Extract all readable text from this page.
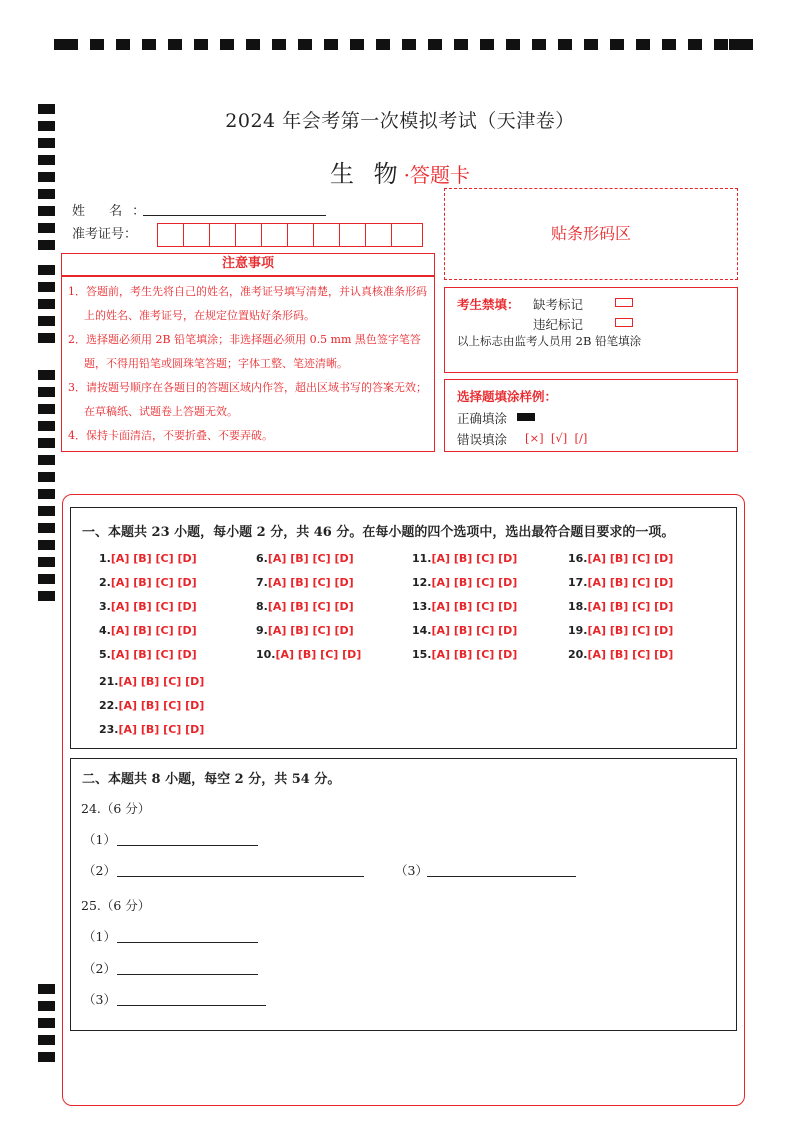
2024 年会考第一次模拟考试（天津卷）
生 物·答题卡
姓 名：
准考证号：	贴条形码区
注意事项

1．答题前，考生先将自己的姓名，准考证号填写清楚，并认真核准条形码上的姓名、准考证号，在规定位置贴好条形码。

2．选择题必须用 2B 铅笔填涂；非选择题必须用 0.5 mm 黑色签字笔答题，不得用铅笔或圆珠笔答题；字体工整、笔迹清晰。

3．请按题号顺序在各题目的答题区域内作答，超出区域书写的答案无效；在草稿纸、试题卷上答题无效。

4．保持卡面清洁，不要折叠、不要弄破。

考生禁填： 缺考标记
违纪标记
以上标志由监考人员用 2B 铅笔填涂
选择题填涂样例：
正确填涂
错误填涂 [×]  [√]  [/]
一、本题共 23 小题，每小题 2 分，共 46 分。在每小题的四个选项中，选出最符合题目要求的一项。
1.[A] [B] [C] [D]
2.[A] [B] [C] [D]
3.[A] [B] [C] [D]
4.[A] [B] [C] [D]
5.[A] [B] [C] [D]
6.[A] [B] [C] [D]
7.[A] [B] [C] [D]
8.[A] [B] [C] [D]
9.[A] [B] [C] [D]
10.[A] [B] [C] [D]
11.[A] [B] [C] [D]
12.[A] [B] [C] [D]
13.[A] [B] [C] [D]
14.[A] [B] [C] [D]
15.[A] [B] [C] [D]
16.[A] [B] [C] [D]
17.[A] [B] [C] [D]
18.[A] [B] [C] [D]
19.[A] [B] [C] [D]
20.[A] [B] [C] [D]
21.[A] [B] [C] [D]
22.[A] [B] [C] [D]
23.[A] [B] [C] [D]
二、本题共 8 小题，每空 2 分，共 54 分。
24.（6 分）
（1）
（2）	（3）
25.（6 分）
（1）
（2）
（3）
